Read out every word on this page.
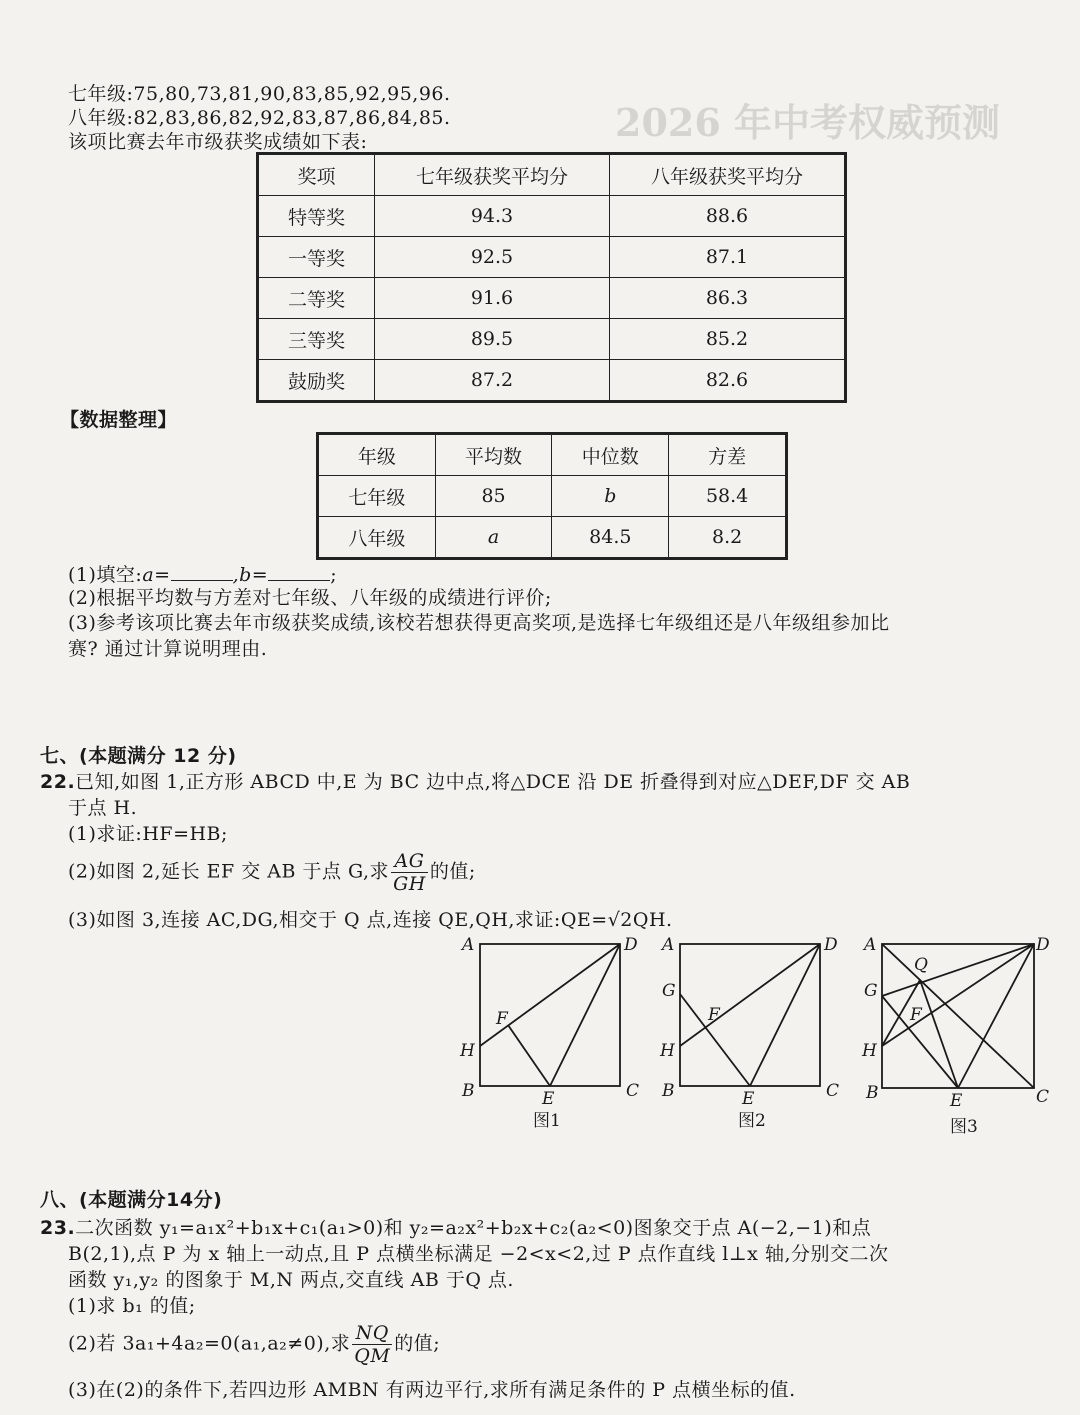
2026 年中考权威预测
七年级:75,80,73,81,90,83,85,92,95,96.
八年级:82,83,86,82,92,83,87,86,84,85.
该项比赛去年市级获奖成绩如下表:
奖项	七年级获奖平均分	八年级获奖平均分
特等奖	94.3	88.6
一等奖	92.5	87.1
二等奖	91.6	86.3
三等奖	89.5	85.2
鼓励奖	87.2	82.6
【数据整理】
年级	平均数	中位数	方差
七年级	85	b	58.4
八年级	a	84.5	8.2
(1)填空:a=	,b=	;
(2)根据平均数与方差对七年级、八年级的成绩进行评价;
(3)参考该项比赛去年市级获奖成绩,该校若想获得更高奖项,是选择七年级组还是八年级组参加比
赛? 通过计算说明理由.
七、(本题满分 12 分)
22.已知,如图 1,正方形 ABCD 中,E 为 BC 边中点,将△DCE 沿 DE 折叠得到对应△DEF,DF 交 AB
于点 H.
(1)求证:HF=HB;
(2)如图 2,延长 EF 交 AB 于点 G,求 $\frac{AG}{GH}$ 的值;
(3)如图 3,连接 AC,DG,相交于 Q 点,连接 QE,QH,求证:QE=√2QH.
A	D
F
H
B	E	C
A	D
G
F
H
B	E	C
A	D
Q
G
F
H
B	E	C
图1	图2	图3
八、(本题满分14分)
23.二次函数 y₁=a₁x²+b₁x+c₁(a₁>0)和 y₂=a₂x²+b₂x+c₂(a₂<0)图象交于点 A(−2,−1)和点
B(2,1),点 P 为 x 轴上一动点,且 P 点横坐标满足 −2<x<2,过 P 点作直线 l⊥x 轴,分别交二次
函数 y₁,y₂ 的图象于 M,N 两点,交直线 AB 于Q 点.
(1)求 b₁ 的值;
(2)若 3a₁+4a₂=0(a₁,a₂≠0),求 $\frac{NQ}{QM}$ 的值;
(3)在(2)的条件下,若四边形 AMBN 有两边平行,求所有满足条件的 P 点横坐标的值.
